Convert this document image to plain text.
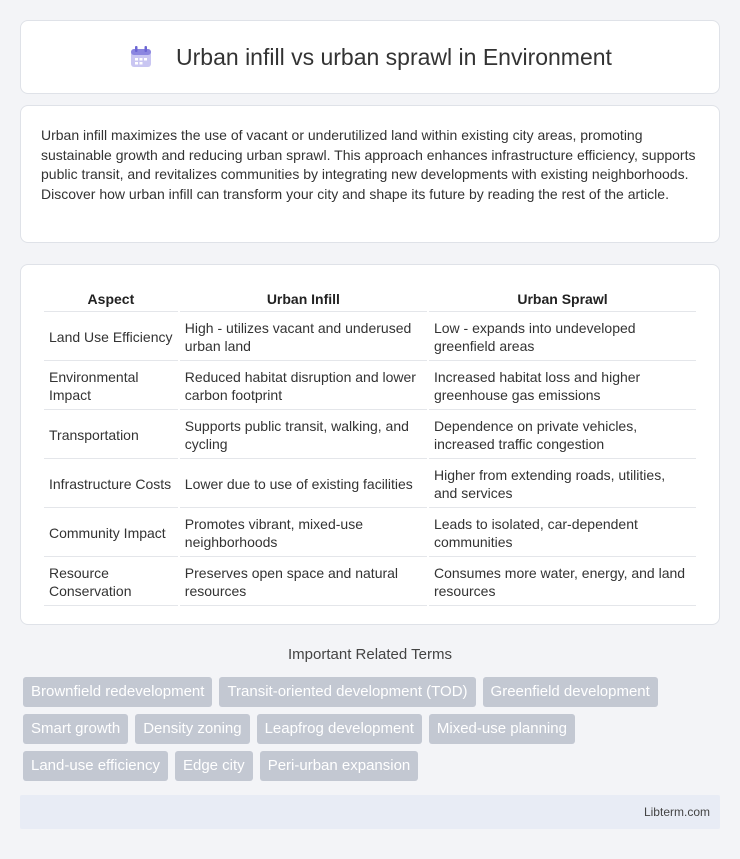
Urban infill vs urban sprawl in Environment

Urban infill maximizes the use of vacant or underutilized land within existing city areas, promoting sustainable growth and reducing urban sprawl. This approach enhances infrastructure efficiency, supports public transit, and revitalizes communities by integrating new developments with existing neighborhoods. Discover how urban infill can transform your city and shape its future by reading the rest of the article.

Aspect	Urban Infill	Urban Sprawl
Land Use Efficiency	High - utilizes vacant and underused urban land	Low - expands into undeveloped greenfield areas
Environmental Impact	Reduced habitat disruption and lower carbon footprint	Increased habitat loss and higher greenhouse gas emissions
Transportation	Supports public transit, walking, and cycling	Dependence on private vehicles, increased traffic congestion
Infrastructure Costs	Lower due to use of existing facilities	Higher from extending roads, utilities, and services
Community Impact	Promotes vibrant, mixed-use neighborhoods	Leads to isolated, car-dependent communities
Resource Conservation	Preserves open space and natural resources	Consumes more water, energy, and land resources
Important Related Terms
Brownfield redevelopment	Transit-oriented development (TOD)	Greenfield development
Smart growth	Density zoning	Leapfrog development	Mixed-use planning
Land-use efficiency	Edge city	Peri-urban expansion
Libterm.com
